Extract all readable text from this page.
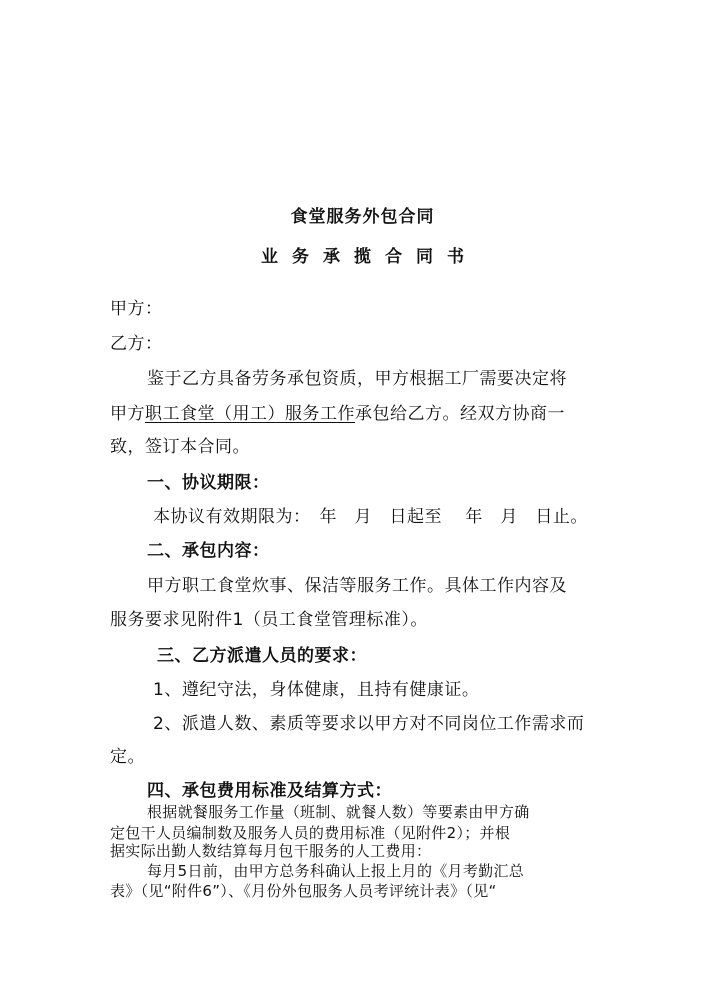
食堂服务外包合同
业务承揽合同书
甲方：
乙方：
鉴于乙方具备劳务承包资质，甲方根据工厂需要决定将
甲方职工食堂（用工）服务工作承包给乙方。经双方协商一
致，签订本合同。
一、协议期限：
本协议有效期限为：　年　月　日起至　 年　月　日止。
二、承包内容：
甲方职工食堂炊事、保洁等服务工作。具体工作内容及
服务要求见附件1（员工食堂管理标准）。
三、乙方派遣人员的要求：
1、遵纪守法，身体健康，且持有健康证。
2、派遣人数、素质等要求以甲方对不同岗位工作需求而
定。
四、承包费用标准及结算方式：
根据就餐服务工作量（班制、就餐人数）等要素由甲方确
定包干人员编制数及服务人员的费用标准（见附件2）；并根
据实际出勤人数结算每月包干服务的人工费用：
每月5日前，由甲方总务科确认上报上月的《月考勤汇总
表》（见“附件6”）、《月份外包服务人员考评统计表》（见“
